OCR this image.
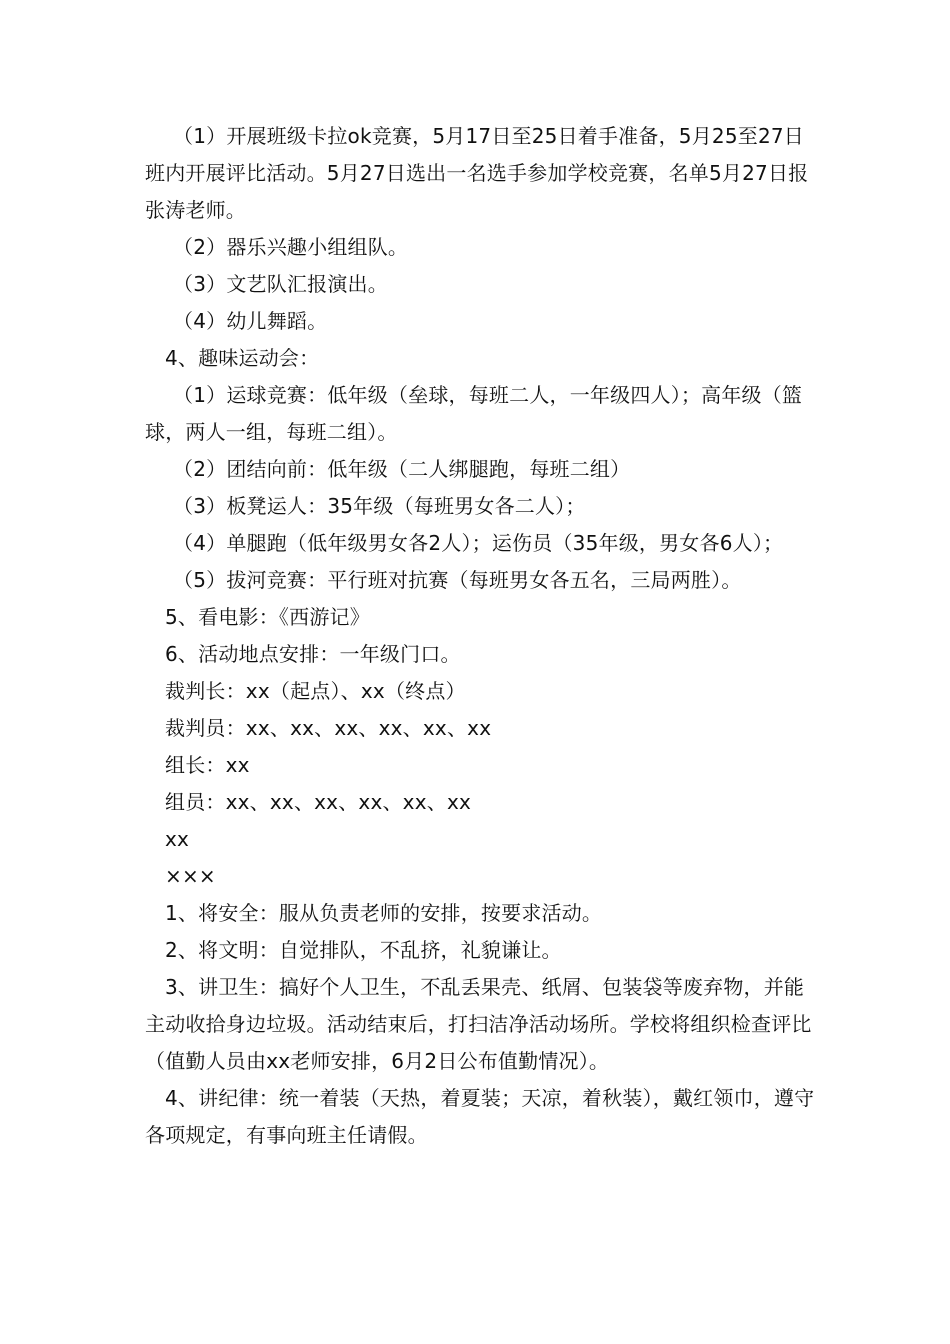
（1）开展班级卡拉ok竞赛，5月17日至25日着手准备，5月25至27日班内开展评比活动。5月27日选出一名选手参加学校竞赛，名单5月27日报张涛老师。

（2）器乐兴趣小组组队。

（3）文艺队汇报演出。

（4）幼儿舞蹈。

4、趣味运动会：

（1）运球竞赛：低年级（垒球，每班二人，一年级四人）；高年级（篮球，两人一组，每班二组）。

（2）团结向前：低年级（二人绑腿跑，每班二组）

（3）板凳运人：35年级（每班男女各二人）；

（4）单腿跑（低年级男女各2人）；运伤员（35年级，男女各6人）；

（5）拔河竞赛：平行班对抗赛（每班男女各五名，三局两胜）。

5、看电影：《西游记》

6、活动地点安排：一年级门口。

裁判长：xx（起点）、xx（终点）

裁判员：xx、xx、xx、xx、xx、xx

组长：xx

组员：xx、xx、xx、xx、xx、xx

xx

×××

1、将安全：服从负责老师的安排，按要求活动。

2、将文明：自觉排队，不乱挤，礼貌谦让。

3、讲卫生：搞好个人卫生，不乱丢果壳、纸屑、包装袋等废弃物，并能主动收拾身边垃圾。活动结束后，打扫洁净活动场所。学校将组织检查评比（值勤人员由xx老师安排，6月2日公布值勤情况）。

4、讲纪律：统一着装（天热，着夏装；天凉，着秋装），戴红领巾，遵守各项规定，有事向班主任请假。
